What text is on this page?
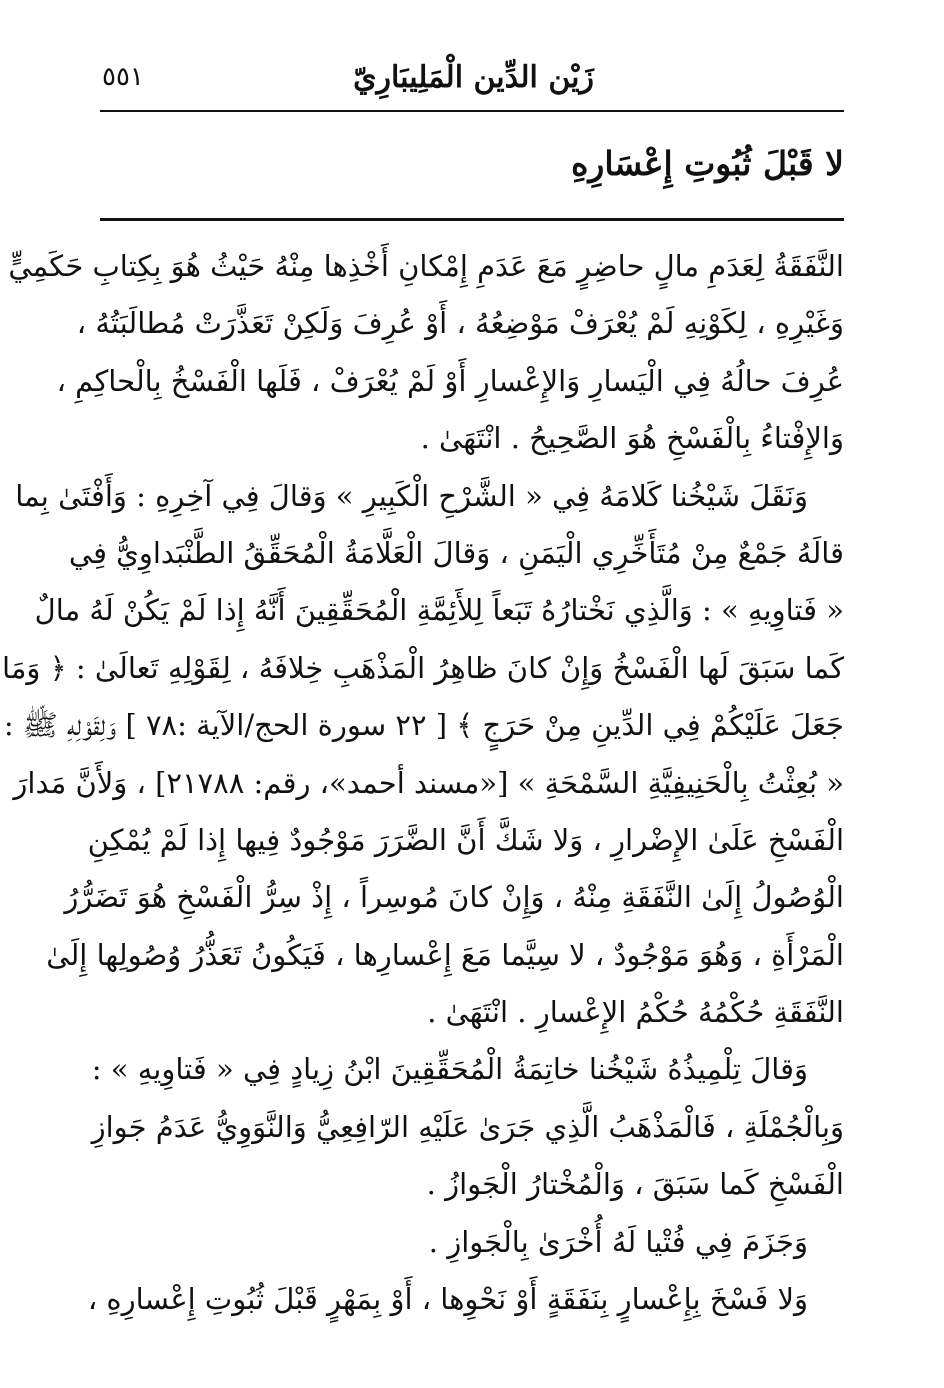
زَيْن الدِّين الْمَلِيبَارِيّ
٥٥١
لا قَبْلَ ثُبُوتِ إِعْسَارِهِ
النَّفَقَةُ لِعَدَمِ مالٍ حاضِرٍ مَعَ عَدَمِ إِمْكانِ أَخْذِها مِنْهُ حَيْثُ هُوَ بِكِتابِ حَكَمِيٍّ
وَغَيْرِهِ ، لِكَوْنِهِ لَمْ يُعْرَفْ مَوْضِعُهُ ، أَوْ عُرِفَ وَلَكِنْ تَعَذَّرَتْ مُطالَبَتُهُ ،
عُرِفَ حالُهُ فِي الْيَسارِ وَالإِعْسارِ أَوْ لَمْ يُعْرَفْ ، فَلَها الْفَسْخُ بِالْحاكِمِ ،
وَالإِفْتاءُ بِالْفَسْخِ هُوَ الصَّحِيحُ . انْتَهَىٰ .
وَنَقَلَ شَيْخُنا كَلامَهُ فِي « الشَّرْحِ الْكَبِيرِ » وَقالَ فِي آخِرِهِ : وَأَفْتَىٰ بِما
قالَهُ جَمْعٌ مِنْ مُتَأَخِّرِي الْيَمَنِ ، وَقالَ الْعَلَّامَةُ الْمُحَقِّقُ الطَّنْبَداوِيُّ فِي
« فَتاوِيهِ » : وَالَّذِي نَخْتارُهُ تَبَعاً لِلأَئِمَّةِ الْمُحَقِّقِينَ أَنَّهُ إِذا لَمْ يَكُنْ لَهُ مالٌ
كَما سَبَقَ لَها الْفَسْخُ وَإِنْ كانَ ظاهِرُ الْمَذْهَبِ خِلافَهُ ، لِقَوْلِهِ تَعالَىٰ : ﴿ وَمَا
جَعَلَ عَلَيْكُمْ فِي الدِّينِ مِنْ حَرَجٍ ﴾ [ ٢٢ سورة الحج/الآية :٧٨ ] وَلِقَوْلِهِ ﷺ :
« بُعِثْتُ بِالْحَنِيفِيَّةِ السَّمْحَةِ » [«مسند أحمد»، رقم: ٢١٧٨٨] ، وَلأَنَّ مَدارَ
الْفَسْخِ عَلَىٰ الإِضْرارِ ، وَلا شَكَّ أَنَّ الضَّرَرَ مَوْجُودٌ فِيها إِذا لَمْ يُمْكِنِ
الْوُصُولُ إِلَىٰ النَّفَقَةِ مِنْهُ ، وَإِنْ كانَ مُوسِراً ، إِذْ سِرُّ الْفَسْخِ هُوَ تَضَرُّرُ
الْمَرْأَةِ ، وَهُوَ مَوْجُودٌ ، لا سِيَّما مَعَ إِعْسارِها ، فَيَكُونُ تَعَذُّرُ وُصُولِها إِلَىٰ
النَّفَقَةِ حُكْمُهُ حُكْمُ الإِعْسارِ . انْتَهَىٰ .
وَقالَ تِلْمِيذُهُ شَيْخُنا خاتِمَةُ الْمُحَقِّقِينَ ابْنُ زِيادٍ فِي « فَتاوِيهِ » :
وَبِالْجُمْلَةِ ، فَالْمَذْهَبُ الَّذِي جَرَىٰ عَلَيْهِ الرّافِعِيُّ وَالنَّوَوِيُّ عَدَمُ جَوازِ
الْفَسْخِ كَما سَبَقَ ، وَالْمُخْتارُ الْجَوازُ .
وَجَزَمَ فِي فُتْيا لَهُ أُخْرَىٰ بِالْجَوازِ .
وَلا فَسْخَ بِإِعْسارٍ بِنَفَقَةٍ أَوْ نَحْوِها ، أَوْ بِمَهْرٍ قَبْلَ ثُبُوتِ إِعْسارِهِ ،
